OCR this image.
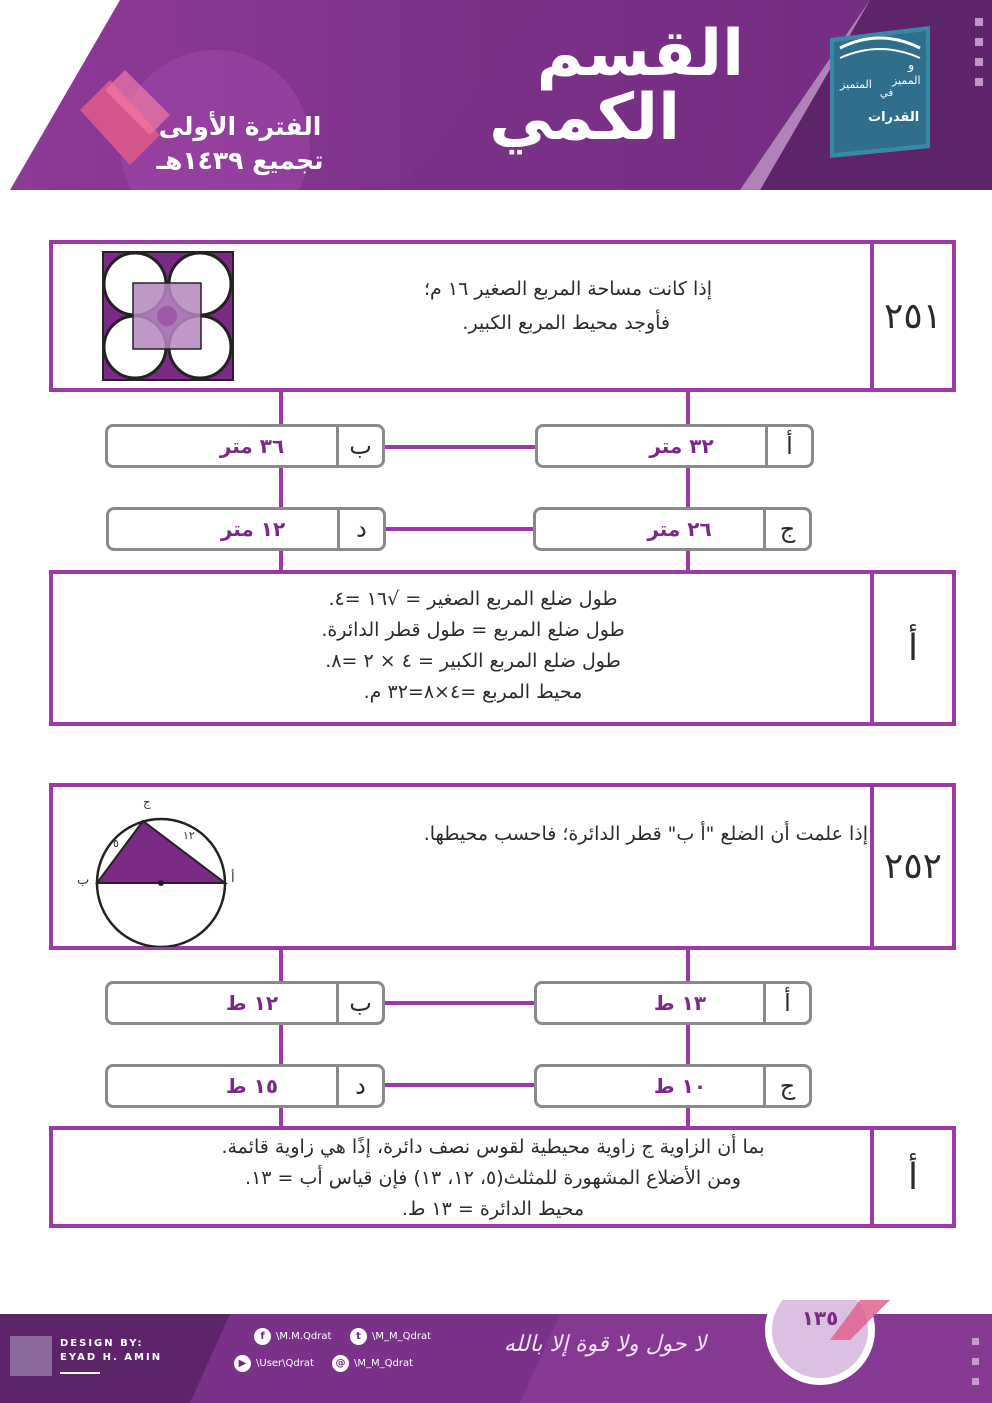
القدرات
المتميز
في
المميز
و
القسم
الكمي
الفترة الأولى
تجميع ١٤٣٩هـ
٢٥١
إذا كانت مساحة المربع الصغير ١٦ م؛
فأوجد محيط المربع الكبير.
أ
٣٢ متر
ب
٣٦ متر
ج
٢٦ متر
د
١٢ متر
أ
طول ضلع المربع الصغير = √١٦ =٤.
طول ضلع المربع = طول قطر الدائرة.
طول ضلع المربع الكبير = ٤ × ٢ =٨.
محيط المربع =٤×٨=٣٢ م.
٢٥٢
إذا علمت أن الضلع "أ ب" قطر الدائرة؛ فاحسب محيطها.
ج
ب	أ
٥
١٢
أ
١٣ ط
ب
١٢ ط
ج
١٠ ط
د
١٥ ط
أ
بما أن الزاوية ج زاوية محيطية لقوس نصف دائرة، إذًا هي زاوية قائمة.
ومن الأضلاع المشهورة للمثلث(٥، ١٢، ١٣) فإن قياس أب = ١٣.
محيط الدائرة = ١٣ ط.
DESIGN BY:
EYAD H. AMIN
f	\M.M.Qdrat	t	\M_M_Qdrat
▶ \User\Qdrat	@ \M_M_Qdrat
لا حول ولا قوة إلا بالله
١٣٥
